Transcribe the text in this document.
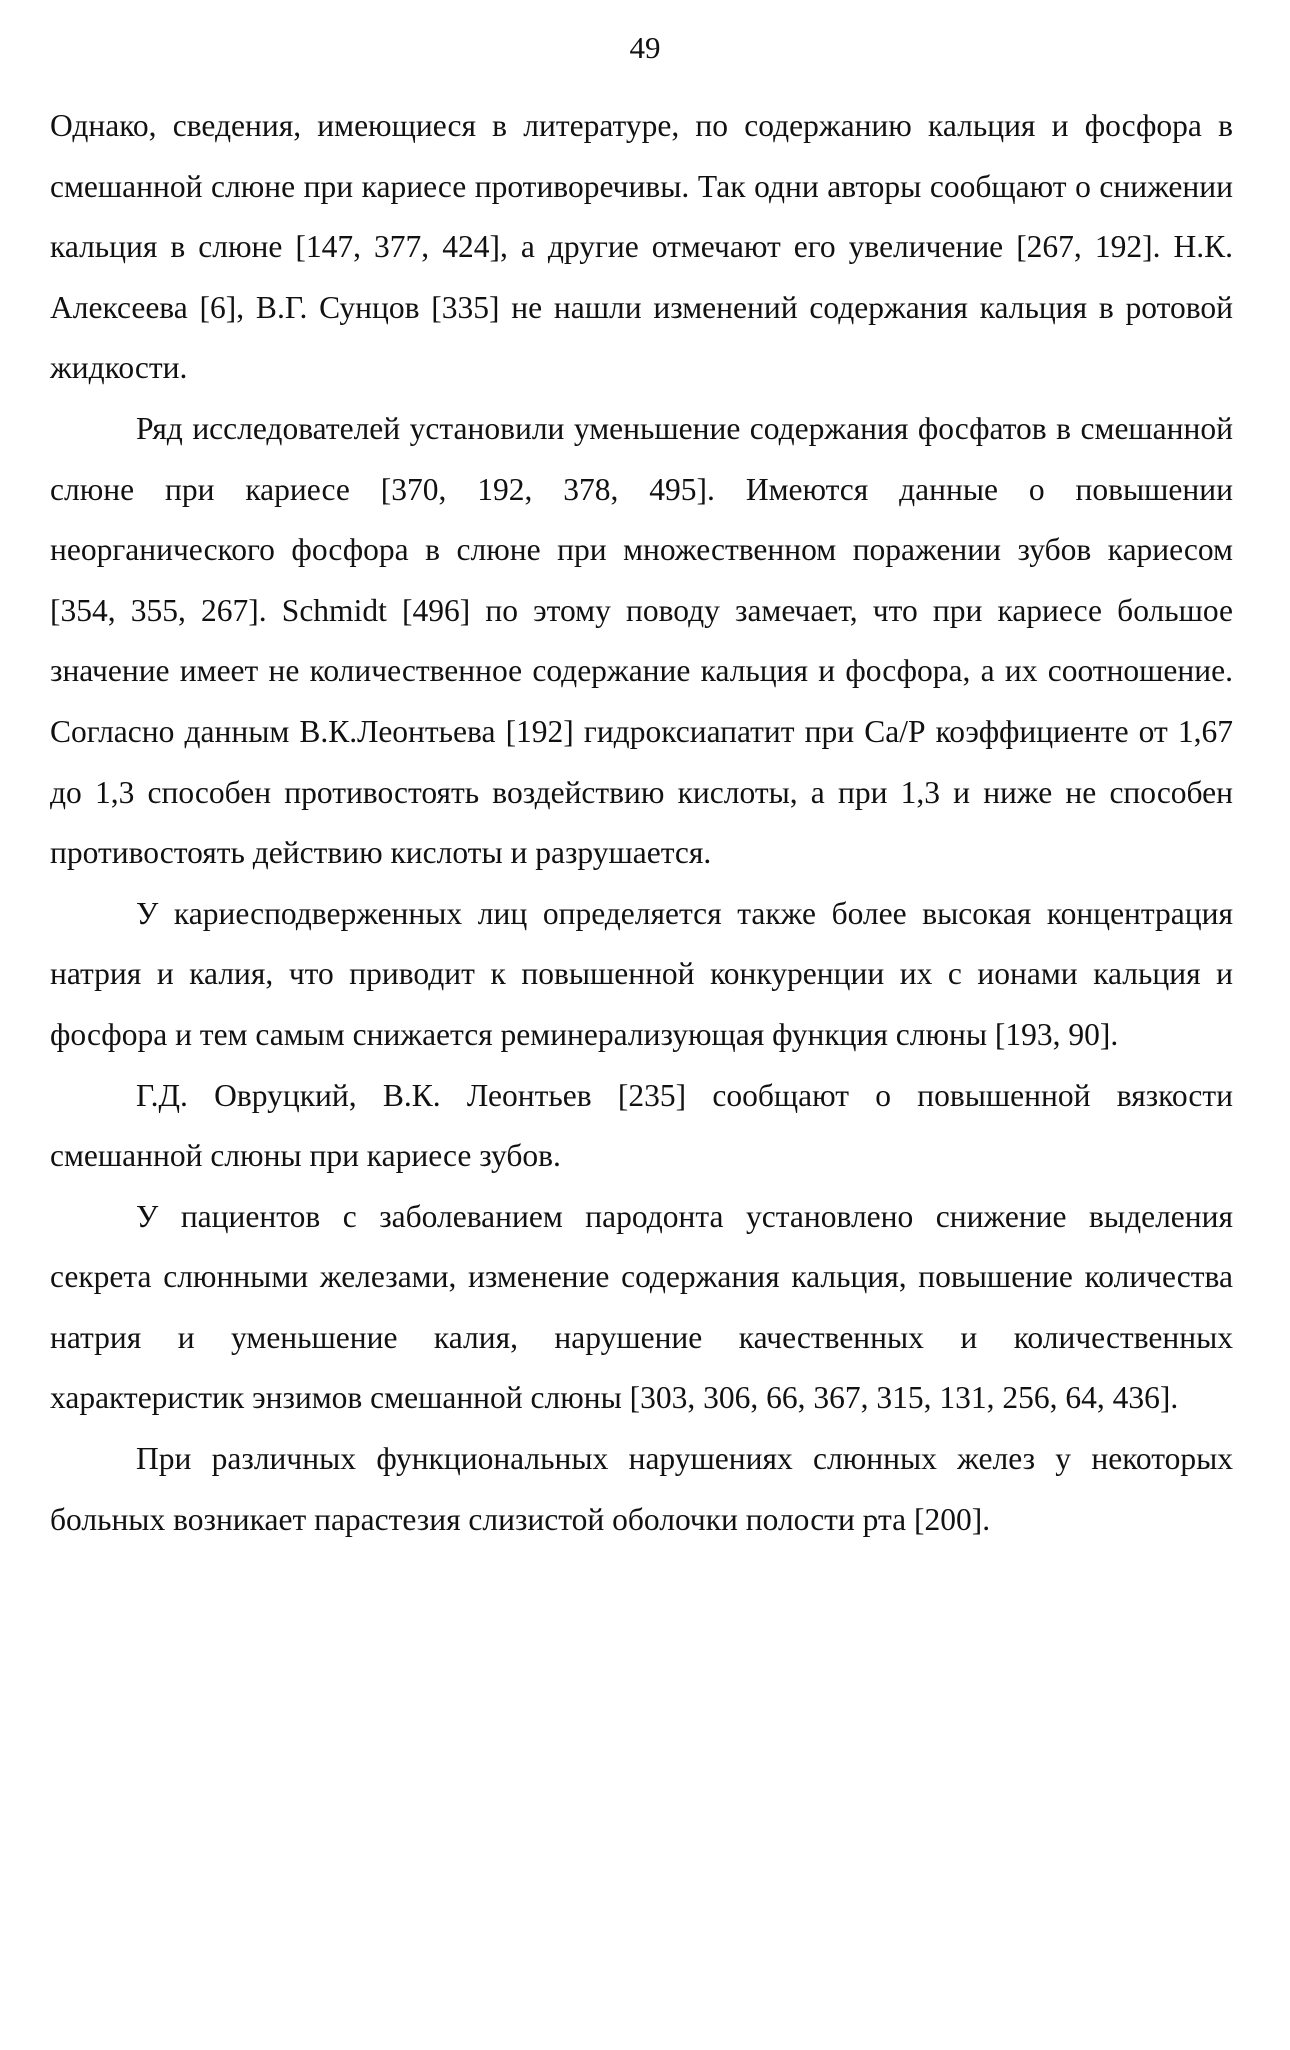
49

Однако, сведения, имеющиеся в литературе, по содержанию кальция и фосфора в смешанной слюне при кариесе противоречивы. Так одни авторы сообщают о снижении кальция в слюне [147, 377, 424], а другие отмечают его увеличение [267, 192]. Н.К. Алексеева [6], В.Г. Сунцов [335] не нашли изменений содержания кальция в ротовой жидкости.

Ряд исследователей установили уменьшение содержания фосфатов в смешанной слюне при кариесе [370, 192, 378, 495]. Имеются данные о повышении неорганического фосфора в слюне при множественном поражении зубов кариесом [354, 355, 267]. Schmidt [496] по этому поводу замечает, что при кариесе большое значение имеет не количественное содержание кальция и фосфора, а их соотношение. Согласно данным В.К.Леонтьева [192] гидроксиапатит при Са/Р коэффициенте от 1,67 до 1,3 способен противостоять воздействию кислоты, а при 1,3 и ниже не способен противостоять действию кислоты и разрушается.

У кариесподверженных лиц определяется также более высокая концентрация натрия и калия, что приводит к повышенной конкуренции их с ионами кальция и фосфора и тем самым снижается реминерализующая функция слюны [193, 90].

Г.Д. Овруцкий, В.К. Леонтьев [235] сообщают о повышенной вязкости смешанной слюны при кариесе зубов.

У пациентов с заболеванием пародонта установлено снижение выделения секрета слюнными железами, изменение содержания кальция, повышение количества натрия и уменьшение калия, нарушение качественных и количественных характеристик энзимов смешанной слюны [303, 306, 66, 367, 315, 131, 256, 64, 436].

При различных функциональных нарушениях слюнных желез у некоторых больных возникает парастезия слизистой оболочки полости рта [200].
